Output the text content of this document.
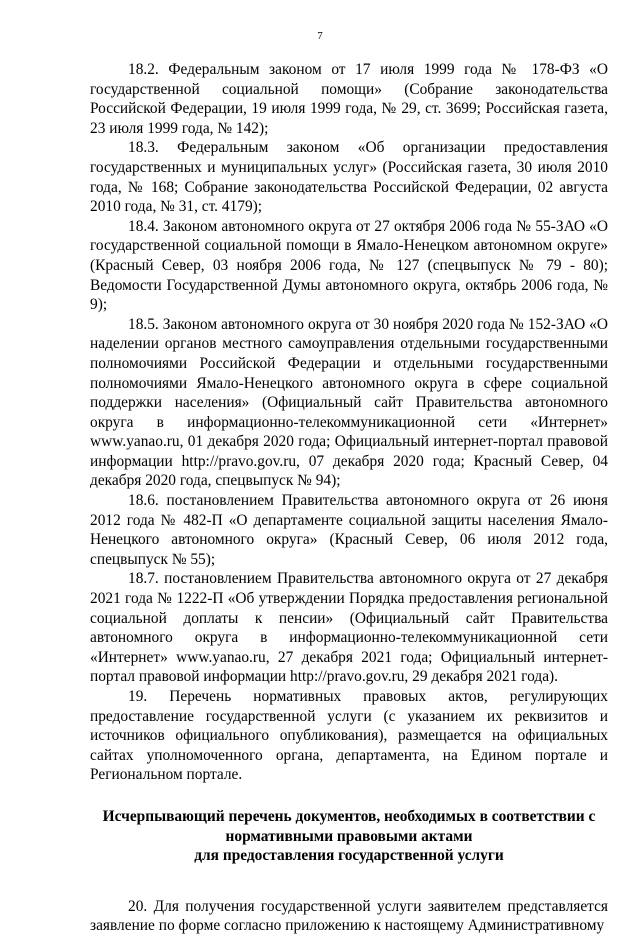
7

18.2. Федеральным законом от 17 июля 1999 года № 178-ФЗ «О государственной социальной помощи» (Собрание законодательства Российской Федерации, 19 июля 1999 года, № 29, ст. 3699; Российская газета, 23 июля 1999 года, № 142);

18.3. Федеральным законом «Об организации предоставления государственных и муниципальных услуг» (Российская газета, 30 июля 2010 года, № 168; Собрание законодательства Российской Федерации, 02 августа 2010 года, № 31, ст. 4179);

18.4. Законом автономного округа от 27 октября 2006 года № 55-ЗАО «О государственной социальной помощи в Ямало-Ненецком автономном округе» (Красный Север, 03 ноября 2006 года, № 127 (спецвыпуск № 79 - 80); Ведомости Государственной Думы автономного округа, октябрь 2006 года, № 9);

18.5. Законом автономного округа от 30 ноября 2020 года № 152-ЗАО «О наделении органов местного самоуправления отдельными государственными полномочиями Российской Федерации и отдельными государственными полномочиями Ямало-Ненецкого автономного округа в сфере социальной поддержки населения» (Официальный сайт Правительства автономного округа в информационно-телекоммуникационной сети «Интернет» www.yanao.ru, 01 декабря 2020 года; Официальный интернет-портал правовой информации http://pravo.gov.ru, 07 декабря 2020 года; Красный Север, 04 декабря 2020 года, спецвыпуск № 94);

18.6. постановлением Правительства автономного округа от 26 июня 2012 года № 482-П «О департаменте социальной защиты населения Ямало-Ненецкого автономного округа» (Красный Север, 06 июля 2012 года, спецвыпуск № 55);

18.7. постановлением Правительства автономного округа от 27 декабря 2021 года № 1222-П «Об утверждении Порядка предоставления региональной социальной доплаты к пенсии» (Официальный сайт Правительства автономного округа в информационно-телекоммуникационной сети «Интернет» www.yanao.ru, 27 декабря 2021 года; Официальный интернет-портал правовой информации http://pravo.gov.ru, 29 декабря 2021 года).

19. Перечень нормативных правовых актов, регулирующих предоставление государственной услуги (с указанием их реквизитов и источников официального опубликования), размещается на официальных сайтах уполномоченного органа, департамента, на Едином портале и Региональном портале.

Исчерпывающий перечень документов, необходимых в соответствии с
нормативными правовыми актами
для предоставления государственной услуги

20. Для получения государственной услуги заявителем представляется заявление по форме согласно приложению к настоящему Административному
